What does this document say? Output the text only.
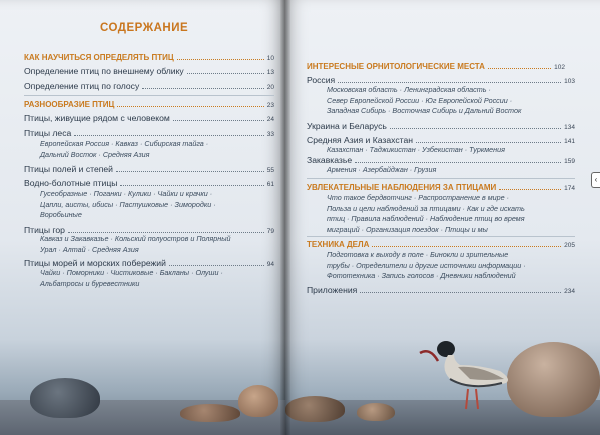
СОДЕРЖАНИЕ
КАК НАУЧИТЬСЯ ОПРЕДЕЛЯТЬ ПТИЦ	10
Определение птиц по внешнему облику	13
Определение птиц по голосу	20
РАЗНООБРАЗИЕ ПТИЦ	23
Птицы, живущие рядом с человеком	24
Птицы леса	33
Европейская Россия · Кавказ · Сибирская тайга ·
Дальний Восток · Средняя Азия
Птицы полей и степей	55
Водно-болотные птицы	61
Гусеобразные · Поганки · Кулики · Чайки и крачки ·
Цапли, аисты, ибисы · Пастушковые · Зимородки ·
Воробьиные
Птицы гор	79
Кавказ и Закавказье · Кольский полуостров и Полярный
Урал · Алтай · Средняя Азия
Птицы морей и морских побережий	94
Чайки · Поморники · Чистиковые · Бакланы · Олуши ·
Альбатросы и буревестники
ИНТЕРЕСНЫЕ ОРНИТОЛОГИЧЕСКИЕ МЕСТА	102
Россия	103
Московская область · Ленинградская область ·
Север Европейской России · Юг Европейской России ·
Западная Сибирь · Восточная Сибирь и Дальний Восток
Украина и Беларусь	134
Средняя Азия и Казахстан	141
Казахстан · Таджикистан · Узбекистан · Туркмения
Закавказье	159
Армения · Азербайджан · Грузия
УВЛЕКАТЕЛЬНЫЕ НАБЛЮДЕНИЯ ЗА ПТИЦАМИ	174
Что такое бердвотчинг · Распространение в мире ·
Польза и цели наблюдений за птицами · Как и где искать
птиц · Правила наблюдений · Наблюдение птиц во время
миграций · Организация поездок · Птицы и мы
ТЕХНИКА ДЕЛА	205
Подготовка к выходу в поле · Бинокли и зрительные
трубы · Определители и другие источники информации ·
Фототехника · Запись голосов · Дневники наблюдений
Приложения	234
‹
